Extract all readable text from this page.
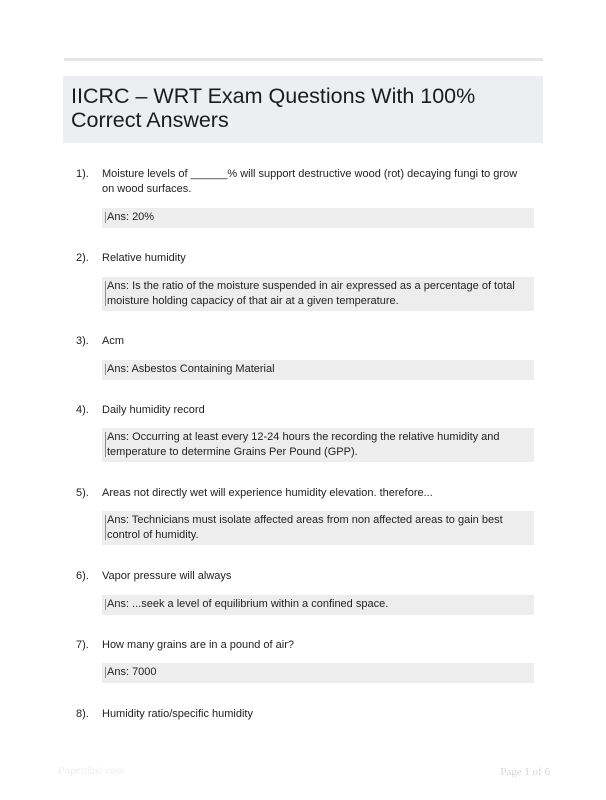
IICRC – WRT Exam Questions With 100% Correct Answers
1). Moisture levels of ______% will support destructive wood (rot) decaying fungi to grow on wood surfaces.
Ans: 20%
2). Relative humidity
Ans: Is the ratio of the moisture suspended in air expressed as a percentage of total moisture holding capacicy of that air at a given temperature.
3). Acm
Ans: Asbestos Containing Material
4). Daily humidity record
Ans: Occurring at least every 12-24 hours the recording the relative humidity and temperature to determine Grains Per Pound (GPP).
5). Areas not directly wet will experience humidity elevation. therefore...
Ans: Technicians must isolate affected areas from non affected areas to gain best control of humidity.
6). Vapor pressure will always
Ans: ...seek a level of equilibrium within a confined space.
7). How many grains are in a pound of air?
Ans: 7000
8). Humidity ratio/specific humidity
Papertibic.com	Page 1 of 6
